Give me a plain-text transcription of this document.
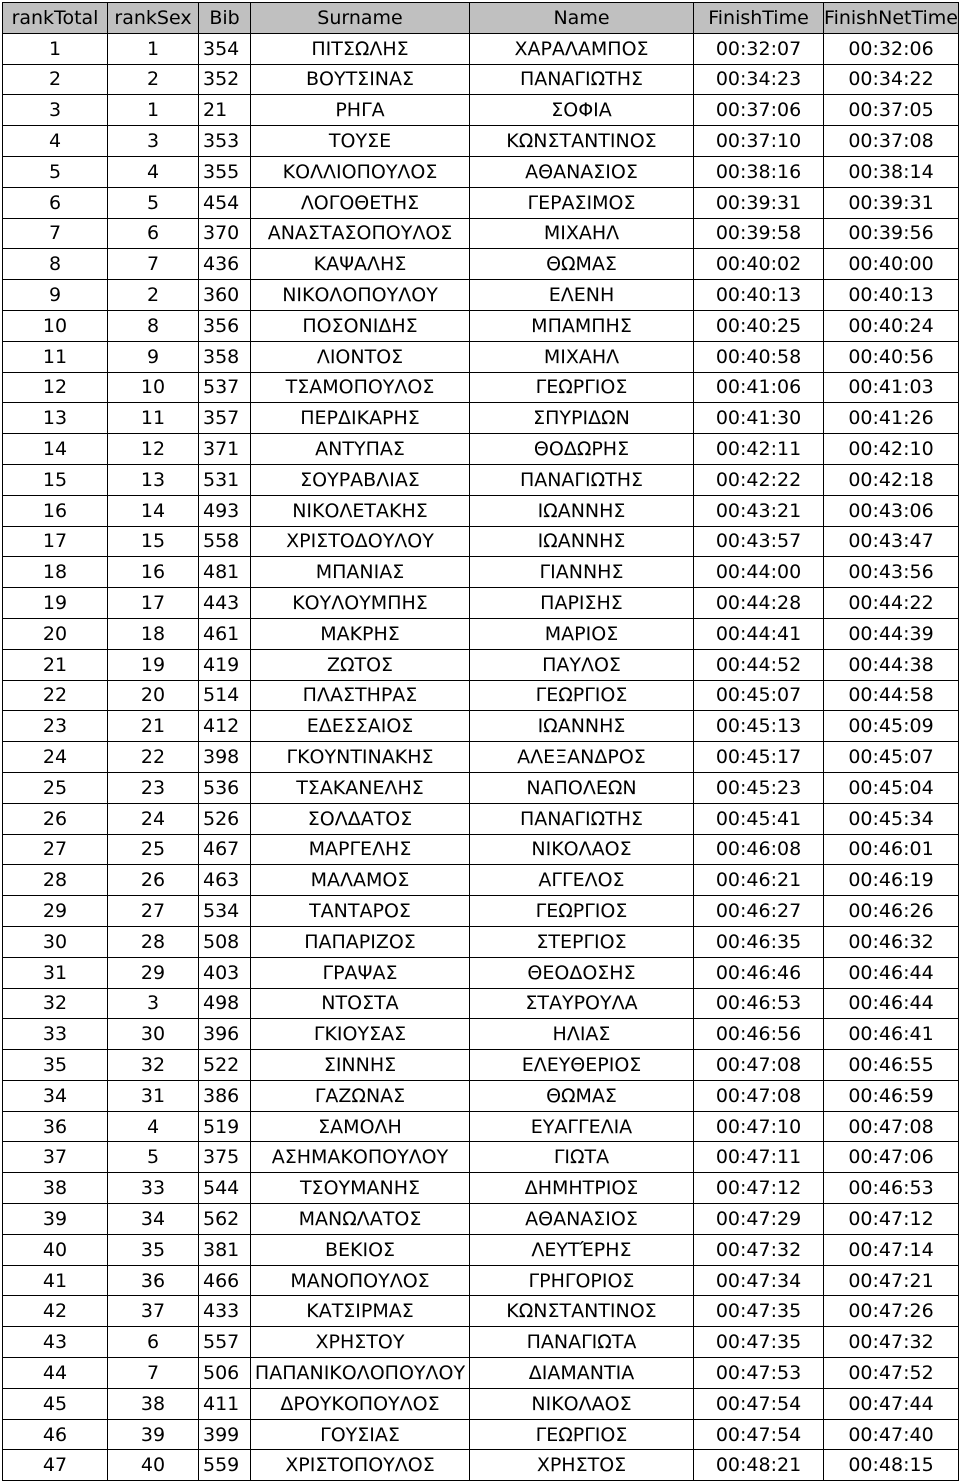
rankTotal	rankSex	Bib	Surname	Name	FinishTime	FinishNetTime
1	1	354	ΠΙΤΣΩΛΗΣ	ΧΑΡΑΛΑΜΠΟΣ	00:32:07	00:32:06
2	2	352	ΒΟΥΤΣΙΝΑΣ	ΠΑΝΑΓΙΩΤΗΣ	00:34:23	00:34:22
3	1	21	ΡΗΓΑ	ΣΟΦΙΑ	00:37:06	00:37:05
4	3	353	ΤΟΥΣΕ	ΚΩΝΣΤΑΝΤΙΝΟΣ	00:37:10	00:37:08
5	4	355	ΚΟΛΛΙΟΠΟΥΛΟΣ	ΑΘΑΝΑΣΙΟΣ	00:38:16	00:38:14
6	5	454	ΛΟΓΟΘΕΤΗΣ	ΓΕΡΑΣΙΜΟΣ	00:39:31	00:39:31
7	6	370	ΑΝΑΣΤΑΣΟΠΟΥΛΟΣ	ΜΙΧΑΗΛ	00:39:58	00:39:56
8	7	436	ΚΑΨΑΛΗΣ	ΘΩΜΑΣ	00:40:02	00:40:00
9	2	360	ΝΙΚΟΛΟΠΟΥΛΟΥ	ΕΛΕΝΗ	00:40:13	00:40:13
10	8	356	ΠΟΣΟΝΙΔΗΣ	ΜΠΑΜΠΗΣ	00:40:25	00:40:24
11	9	358	ΛΙΟΝΤΟΣ	ΜΙΧΑΗΛ	00:40:58	00:40:56
12	10	537	ΤΣΑΜΟΠΟΥΛΟΣ	ΓΕΩΡΓΙΟΣ	00:41:06	00:41:03
13	11	357	ΠΕΡΔΙΚΑΡΗΣ	ΣΠΥΡΙΔΩΝ	00:41:30	00:41:26
14	12	371	ΑΝΤΥΠΑΣ	ΘΟΔΩΡΗΣ	00:42:11	00:42:10
15	13	531	ΣΟΥΡΑΒΛΙΑΣ	ΠΑΝΑΓΙΩΤΗΣ	00:42:22	00:42:18
16	14	493	ΝΙΚΟΛΕΤΑΚΗΣ	ΙΩΑΝΝΗΣ	00:43:21	00:43:06
17	15	558	ΧΡΙΣΤΟΔΟΥΛΟΥ	ΙΩΑΝΝΗΣ	00:43:57	00:43:47
18	16	481	ΜΠΑΝΙΑΣ	ΓΙΑΝΝΗΣ	00:44:00	00:43:56
19	17	443	ΚΟΥΛΟΥΜΠΗΣ	ΠΑΡΙΣΗΣ	00:44:28	00:44:22
20	18	461	ΜΑΚΡΗΣ	ΜΑΡΙΟΣ	00:44:41	00:44:39
21	19	419	ΖΩΤΟΣ	ΠΑΥΛΟΣ	00:44:52	00:44:38
22	20	514	ΠΛΑΣΤΗΡΑΣ	ΓΕΩΡΓΙΟΣ	00:45:07	00:44:58
23	21	412	ΕΔΕΣΣΑΙΟΣ	ΙΩΑΝΝΗΣ	00:45:13	00:45:09
24	22	398	ΓΚΟΥΝΤΙΝΑΚΗΣ	ΑΛΕΞΑΝΔΡΟΣ	00:45:17	00:45:07
25	23	536	ΤΣΑΚΑΝΕΛΗΣ	ΝΑΠΟΛΕΩΝ	00:45:23	00:45:04
26	24	526	ΣΟΛΔΑΤΟΣ	ΠΑΝΑΓΙΩΤΗΣ	00:45:41	00:45:34
27	25	467	ΜΑΡΓΕΛΗΣ	ΝΙΚΟΛΑΟΣ	00:46:08	00:46:01
28	26	463	ΜΑΛΑΜΟΣ	ΑΓΓΕΛΟΣ	00:46:21	00:46:19
29	27	534	ΤΑΝΤΑΡΟΣ	ΓΕΩΡΓΙΟΣ	00:46:27	00:46:26
30	28	508	ΠΑΠΑΡΙΖΟΣ	ΣΤΕΡΓΙΟΣ	00:46:35	00:46:32
31	29	403	ΓΡΑΨΑΣ	ΘΕΟΔΟΣΗΣ	00:46:46	00:46:44
32	3	498	ΝΤΟΣΤΑ	ΣΤΑΥΡΟΥΛΑ	00:46:53	00:46:44
33	30	396	ΓΚΙΟΥΣΑΣ	ΗΛΙΑΣ	00:46:56	00:46:41
35	32	522	ΣΙΝΝΗΣ	ΕΛΕΥΘΕΡΙΟΣ	00:47:08	00:46:55
34	31	386	ΓΑΖΩΝΑΣ	ΘΩΜΑΣ	00:47:08	00:46:59
36	4	519	ΣΑΜΟΛΗ	ΕΥΑΓΓΕΛΙΑ	00:47:10	00:47:08
37	5	375	ΑΣΗΜΑΚΟΠΟΥΛΟΥ	ΓΙΩΤΑ	00:47:11	00:47:06
38	33	544	ΤΣΟΥΜΑΝΗΣ	ΔΗΜΗΤΡΙΟΣ	00:47:12	00:46:53
39	34	562	ΜΑΝΩΛΑΤΟΣ	ΑΘΑΝΑΣΙΟΣ	00:47:29	00:47:12
40	35	381	ΒΕΚΙΟΣ	ΛΕΥΤΈΡΗΣ	00:47:32	00:47:14
41	36	466	ΜΑΝΟΠΟΥΛΟΣ	ΓΡΗΓΟΡΙΟΣ	00:47:34	00:47:21
42	37	433	ΚΑΤΣΙΡΜΑΣ	ΚΩΝΣΤΑΝΤΙΝΟΣ	00:47:35	00:47:26
43	6	557	ΧΡΗΣΤΟΥ	ΠΑΝΑΓΙΩΤΑ	00:47:35	00:47:32
44	7	506	ΠΑΠΑΝΙΚΟΛΟΠΟΥΛΟΥ	ΔΙΑΜΑΝΤΙΑ	00:47:53	00:47:52
45	38	411	ΔΡΟΥΚΟΠΟΥΛΟΣ	ΝΙΚΟΛΑΟΣ	00:47:54	00:47:44
46	39	399	ΓΟΥΣΙΑΣ	ΓΕΩΡΓΙΟΣ	00:47:54	00:47:40
47	40	559	ΧΡΙΣΤΟΠΟΥΛΟΣ	ΧΡΗΣΤΟΣ	00:48:21	00:48:15
